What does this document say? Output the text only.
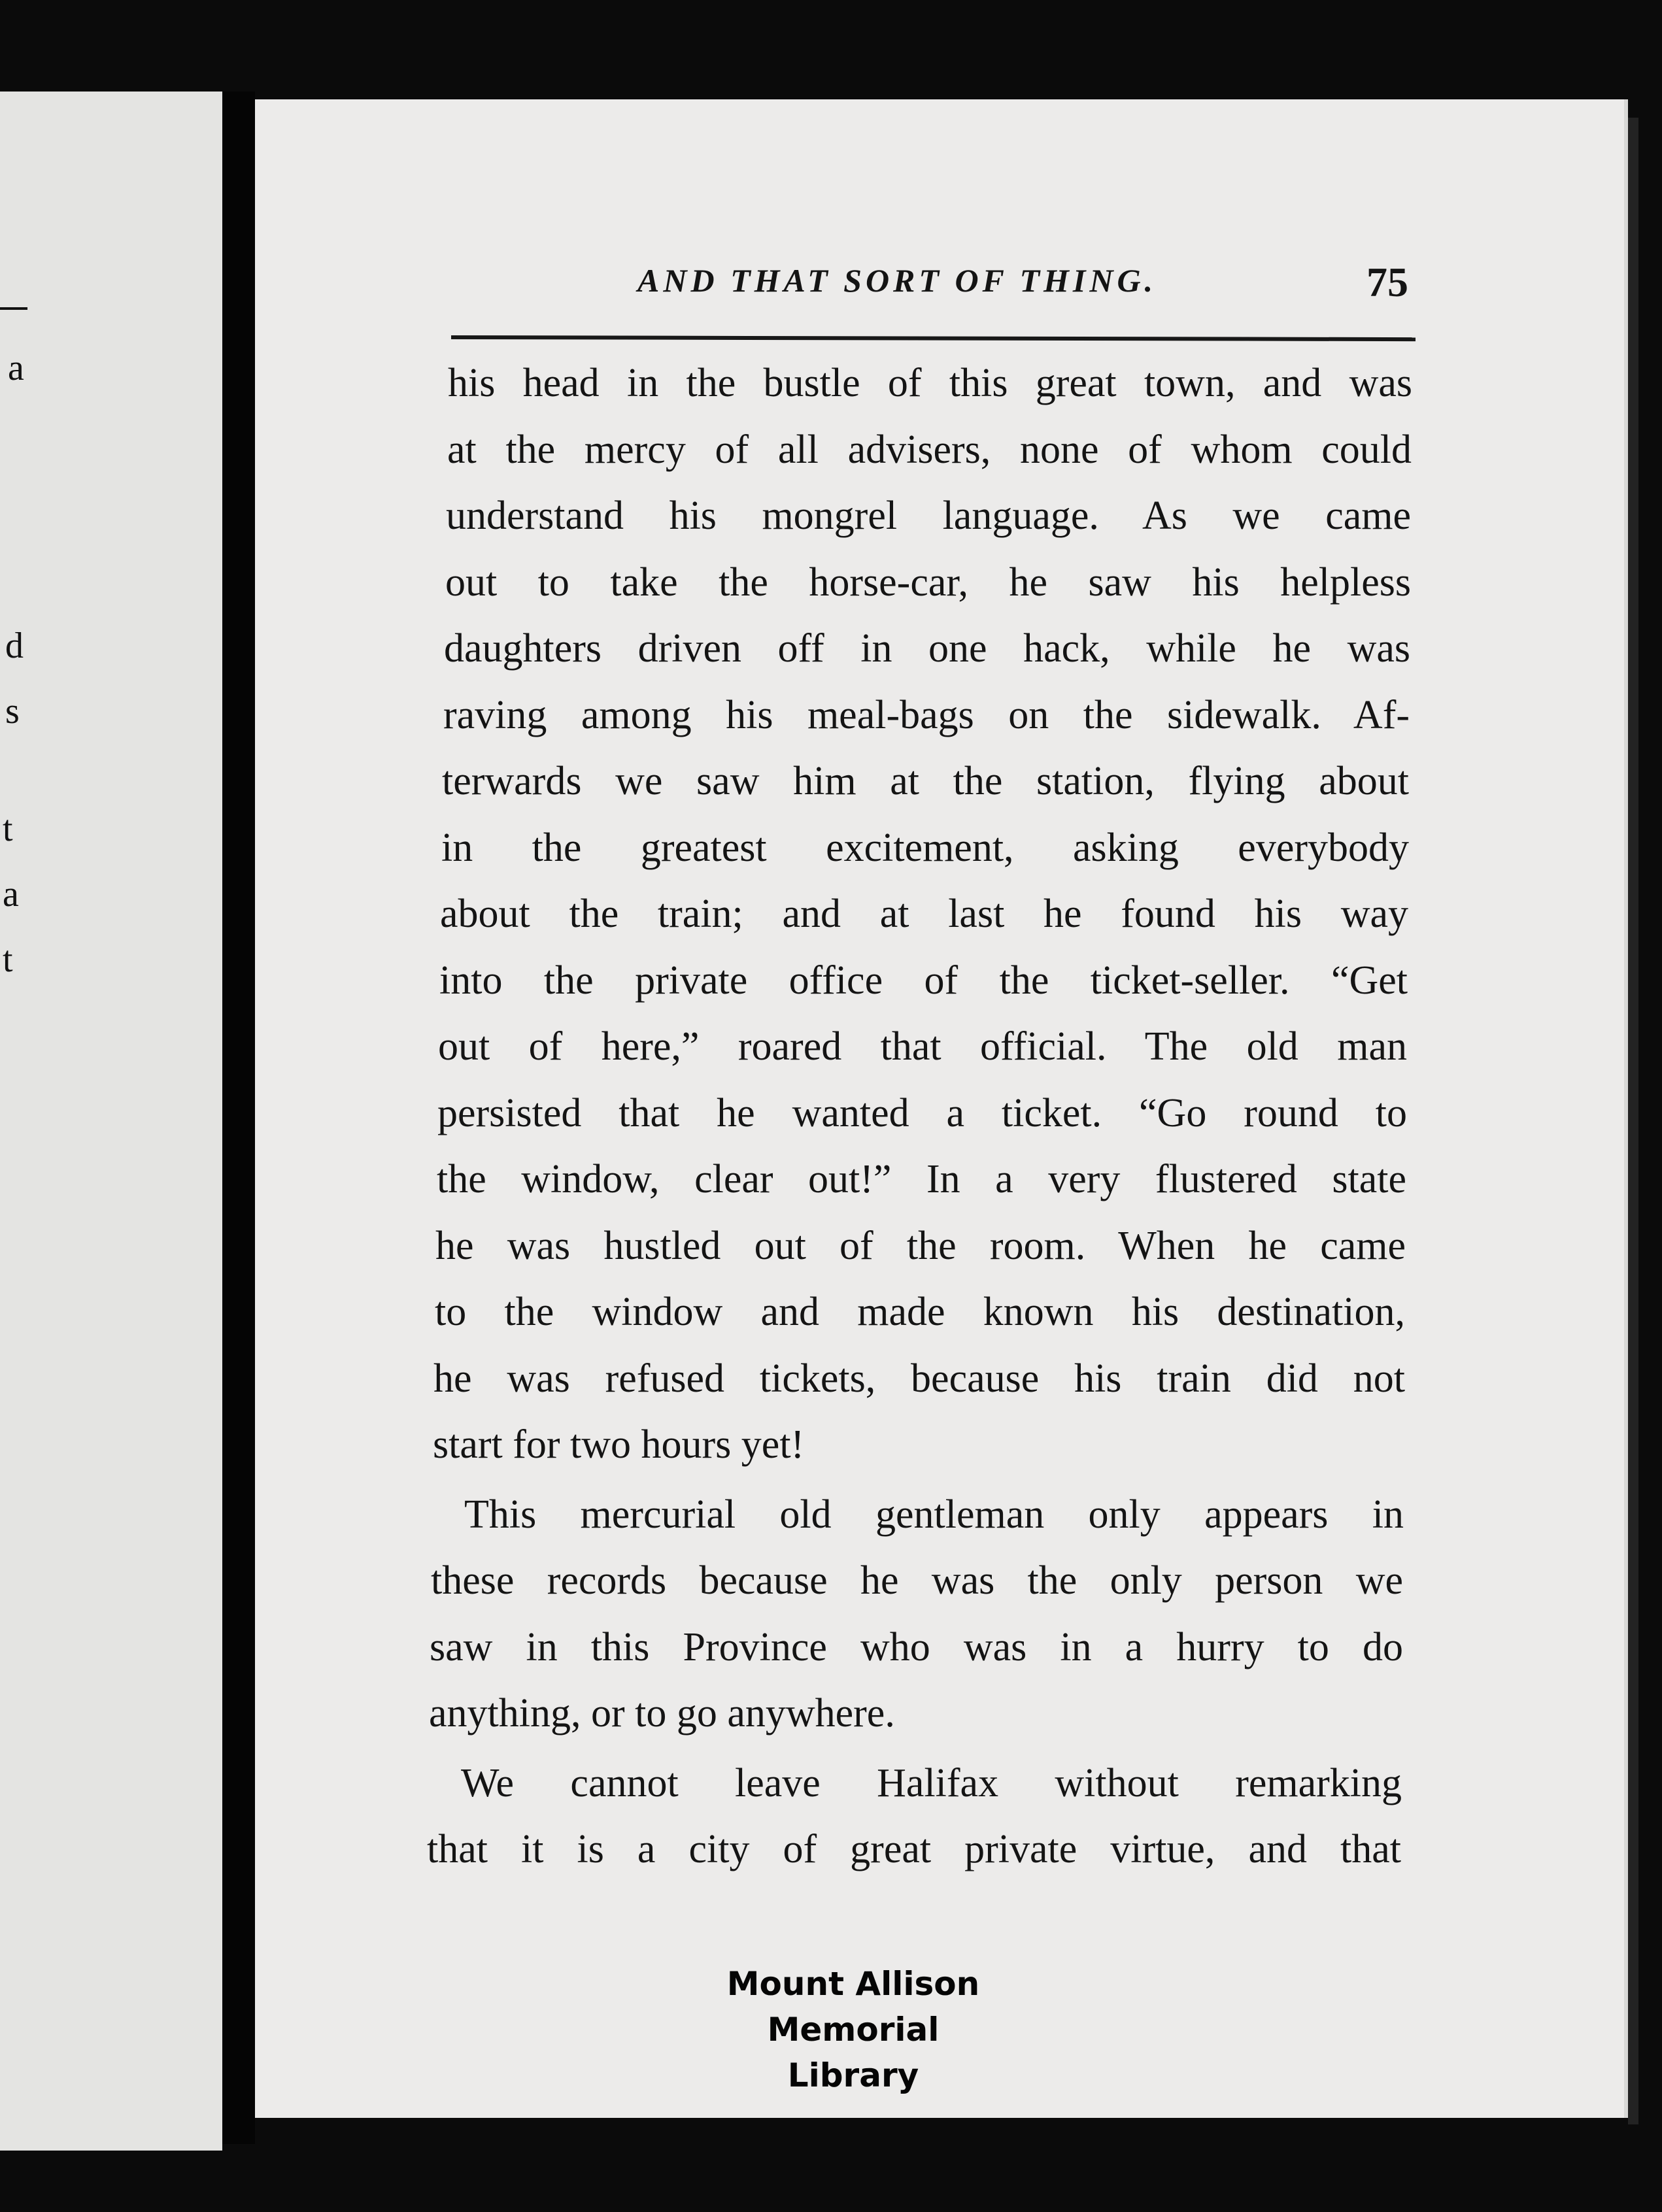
a
d
s
t
a
t
AND THAT SORT OF THING.	75
his head in the bustle of this great town, and was
at the mercy of all advisers, none of whom could
understand his mongrel language. As we came
out to take the horse-car, he saw his helpless
daughters driven off in one hack, while he was
raving among his meal-bags on the sidewalk. Af-
terwards we saw him at the station, flying about
in the greatest excitement, asking everybody
about the train; and at last he found his way
into the private office of the ticket-seller. “Get
out of here,” roared that official. The old man
persisted that he wanted a ticket. “Go round to
the window, clear out!” In a very flustered state
he was hustled out of the room. When he came
to the window and made known his destination,
he was refused tickets, because his train did not
start for two hours yet!
This mercurial old gentleman only appears in
these records because he was the only person we
saw in this Province who was in a hurry to do
anything, or to go anywhere.
We cannot leave Halifax without remarking
that it is a city of great private virtue, and that
Mount Allison
Memorial
Library
